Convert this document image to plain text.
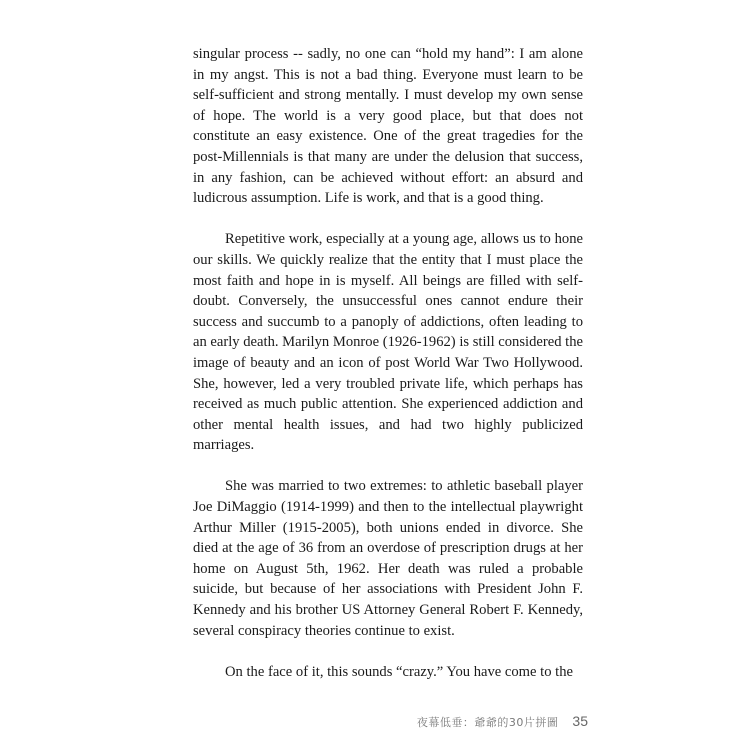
singular process -- sadly, no one can “hold my hand”: I am alone in my angst. This is not a bad thing. Everyone must learn to be self-sufficient and strong mentally. I must develop my own sense of hope. The world is a very good place, but that does not constitute an easy existence. One of the great tragedies for the post-Millennials is that many are under the delusion that success, in any fashion, can be achieved without effort: an absurd and ludicrous assumption. Life is work, and that is a good thing.

Repetitive work, especially at a young age, allows us to hone our skills. We quickly realize that the entity that I must place the most faith and hope in is myself. All beings are filled with self-doubt. Conversely, the unsuccessful ones cannot endure their success and succumb to a panoply of addictions, often leading to an early death. Marilyn Monroe (1926-1962) is still considered the image of beauty and an icon of post World War Two Hollywood. She, however, led a very troubled private life, which perhaps has received as much public attention. She experienced addiction and other mental health issues, and had two highly publicized marriages.

She was married to two extremes: to athletic baseball player Joe DiMaggio (1914-1999) and then to the intellectual playwright Arthur Miller (1915-2005), both unions ended in divorce. She died at the age of 36 from an overdose of prescription drugs at her home on August 5th, 1962. Her death was ruled a probable suicide, but because of her associations with President John F. Kennedy and his brother US Attorney General Robert F. Kennedy, several conspiracy theories continue to exist.

On the face of it, this sounds “crazy.” You have come to the

夜幕低垂：爺爺的30片拼圖 35
